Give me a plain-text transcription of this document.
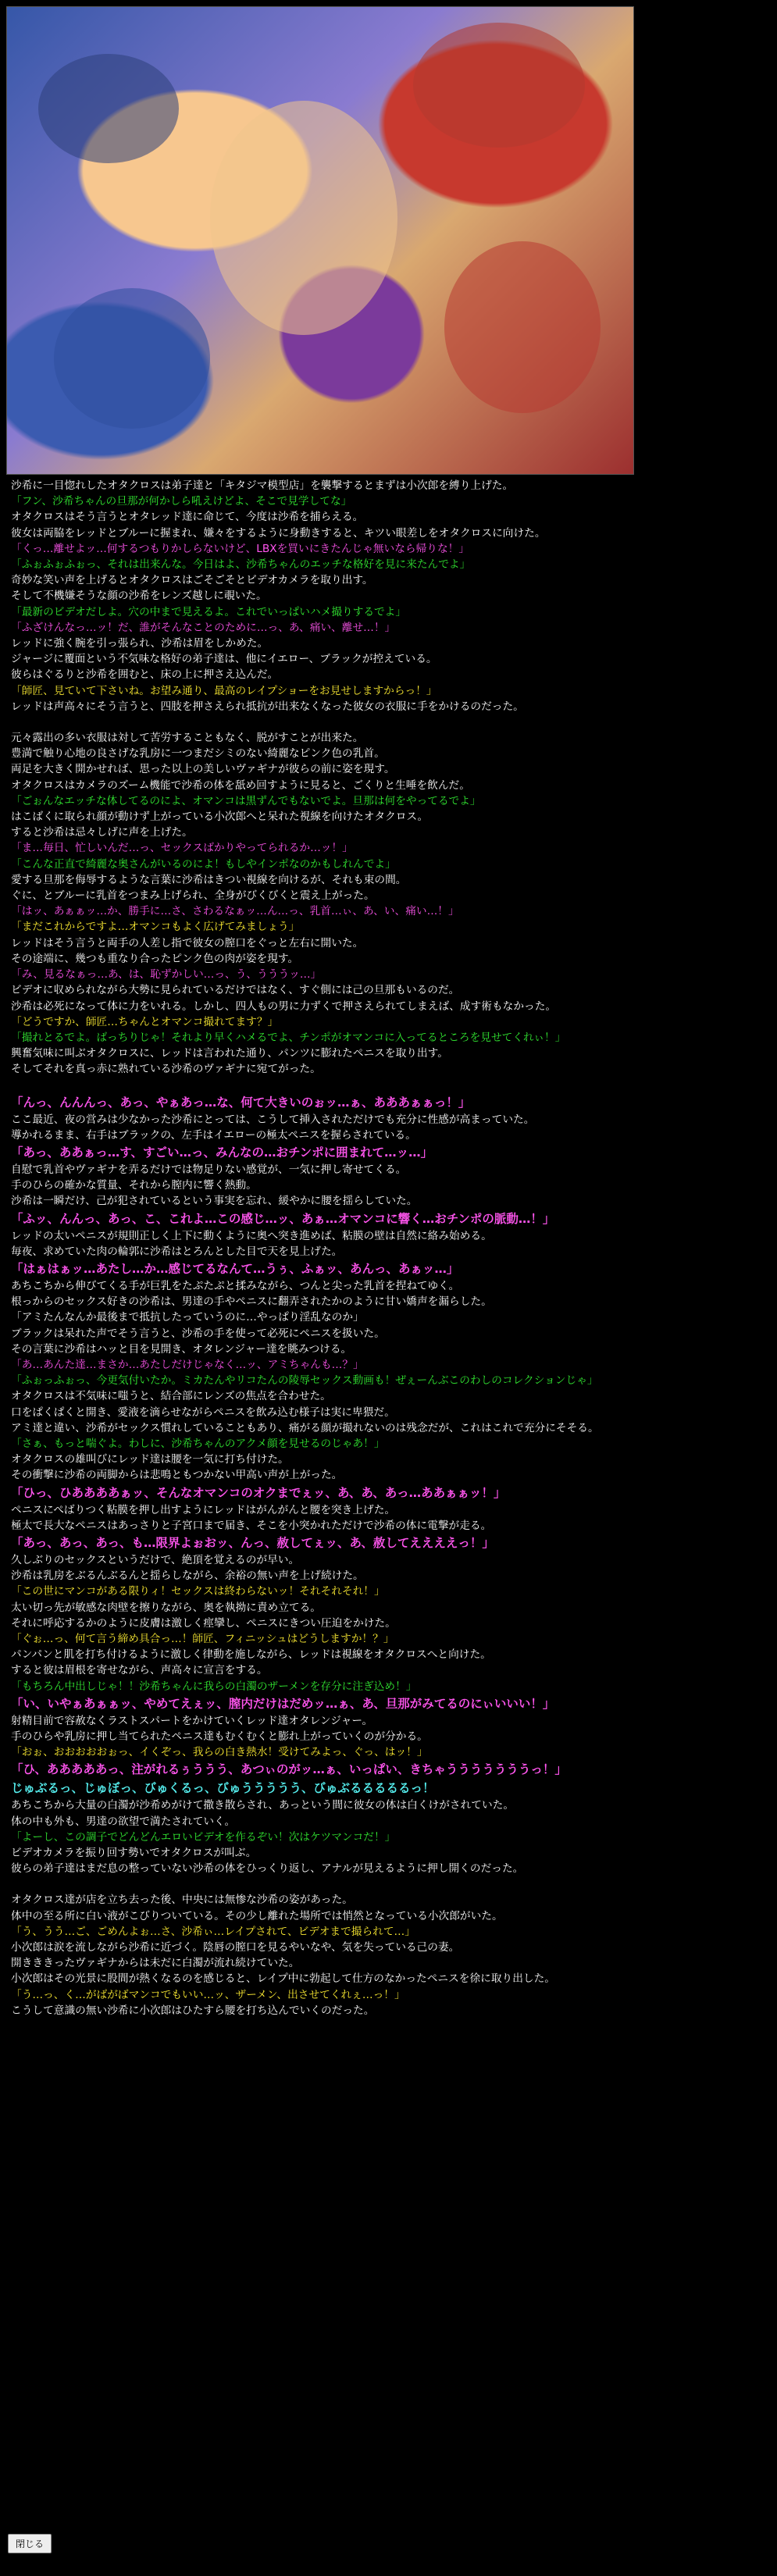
沙希に一目惚れしたオタクロスは弟子達と「キタジマ模型店」を襲撃するとまずは小次郎を縛り上げた。
「フン、沙希ちゃんの旦那が何かしら吼えけどよ、そこで見学してな」
オタクロスはそう言うとオタレッド達に命じて、今度は沙希を捕らえる。
彼女は両脇をレッドとブルーに握まれ、嫌々をするように身動きすると、キツい眼差しをオタクロスに向けた。
「くっ…離せよッ…何するつもりかしらないけど、LBXを買いにきたんじゃ無いなら帰りな！」
「ふぉふぉふぉっ、それは出来んな。今日はよ、沙希ちゃんのエッチな格好を見に来たんでよ」
奇妙な笑い声を上げるとオタクロスはごそごそとビデオカメラを取り出す。
そして不機嫌そうな顔の沙希をレンズ越しに覗いた。
「最新のビデオだしよ。穴の中まで見えるよ。これでいっぱいハメ撮りするでよ」
「ふざけんなっ…ッ！だ、誰がそんなことのために…っ、あ、痛い、離せ…！」
レッドに強く腕を引っ張られ、沙希は眉をしかめた。
ジャージに覆面という不気味な格好の弟子達は、他にイエロー、ブラックが控えている。
彼らはぐるりと沙希を囲むと、床の上に押さえ込んだ。
「師匠、見ていて下さいね。お望み通り、最高のレイプショーをお見せしますからっ！」
レッドは声高々にそう言うと、四肢を押さえられ抵抗が出来なくなった彼女の衣服に手をかけるのだった。
元々露出の多い衣服は対して苦労することもなく、脱がすことが出来た。
豊満で触り心地の良さげな乳房に一つまだシミのない綺麗なピンク色の乳首。
両足を大きく開かせれば、思った以上の美しいヴァギナが彼らの前に姿を現す。
オタクロスはカメラのズーム機能で沙希の体を舐め回すように見ると、ごくりと生唾を飲んだ。
「ごぉんなエッチな体してるのによ、オマンコは黒ずんでもないでよ。旦那は何をやってるでよ」
はこばくに取られ顔が動けず上がっている小次郎へと呆れた視線を向けたオタクロス。
すると沙希は忌々しげに声を上げた。
「ま…毎日、忙しいんだ…っ、セックスばかりやってられるか…ッ！」
「こんな正直で綺麗な奥さんがいるのによ！もしやインポなのかもしれんでよ」
愛する旦那を侮辱するような言葉に沙希はきつい視線を向けるが、それも束の間。
ぐに、とブルーに乳首をつまみ上げられ、全身がびくびくと震え上がった。
「はッ、あぁぁッ…か、勝手に…さ、さわるなぁッ…ん…っ、乳首…ぃ、あ、い、痛い…！」
「まだこれからですよ…オマンコもよく広げてみましょう」
レッドはそう言うと両手の人差し指で彼女の膣口をぐっと左右に開いた。
その途端に、幾つも重なり合ったピンク色の肉が姿を現す。
「み、見るなぁっ…あ、は、恥ずかしい…っ、う、うううッ…」
ビデオに収められながら大勢に見られているだけではなく、すぐ側には己の旦那もいるのだ。
沙希は必死になって体に力をいれる。しかし、四人もの男に力ずくで押さえられてしまえば、成す術もなかった。
「どうですか、師匠…ちゃんとオマンコ撮れてます？」
「撮れとるでよ。ばっちりじゃ！それより早くハメるでよ、チンポがオマンコに入ってるところを見せてくれぃ！」
興奮気味に叫ぶオタクロスに、レッドは言われた通り、パンツに膨れたペニスを取り出す。
そしてそれを真っ赤に熟れている沙希のヴァギナに宛てがった。
「んっ、んんんっ、あっ、やぁあっ…な、何て大きいのぉッ…ぁ、あああぁぁっ！」
ここ最近、夜の営みは少なかった沙希にとっては、こうして挿入されただけでも充分に性感が高まっていた。
導かれるまま、右手はブラックの、左手はイエローの極太ペニスを握らされている。
「あっ、ああぁっ…す、すごい…っ、みんなの…おチンポに囲まれて…ッ…」
自慰で乳首やヴァギナを弄るだけでは物足りない感覚が、一気に押し寄せてくる。
手のひらの確かな質量、それから膣内に響く熱動。
沙希は一瞬だけ、己が犯されているという事実を忘れ、緩やかに腰を揺らしていた。
「ふッ、んんっ、あっ、こ、これよ…この感じ…ッ、あぁ…オマンコに響く…おチンポの脈動…！」
レッドの太いペニスが規則正しく上下に動くように奥へ突き進めば、粘膜の壁は自然に絡み始める。
毎夜、求めていた肉の輪郭に沙希はとろんとした目で天を見上げた。
「はぁはぁッ…あたし…か…感じてるなんて…うぅ、ふぁッ、あんっ、あぁッ…」
あちこちから伸びてくる手が巨乳をたぷたぷと揉みながら、つんと尖った乳首を捏ねてゆく。
根っからのセックス好きの沙希は、男達の手やペニスに翻弄されたかのように甘い嬌声を漏らした。
「アミたんなんか最後まで抵抗したっていうのに…やっぱり淫乱なのか」
ブラックは呆れた声でそう言うと、沙希の手を使って必死にペニスを扱いた。
その言葉に沙希はハッと目を見開き、オタレンジャー達を眺みつける。
「あ…あんた達…まさか…あたしだけじゃなく…ッ、アミちゃんも…？」
「ふぉっふぉっ、今更気付いたか。ミカたんやリコたんの陵辱セックス動画も！ぜぇーんぶこのわしのコレクションじゃ」
オタクロスは不気味に嗤うと、結合部にレンズの焦点を合わせた。
口をぱくぱくと開き、愛液を滴らせながらペニスを飲み込む様子は実に卑猥だ。
アミ達と違い、沙希がセックス慣れしていることもあり、痛がる顔が撮れないのは残念だが、これはこれで充分にそそる。
「さぁ、もっと喘ぐよ。わしに、沙希ちゃんのアクメ顔を見せるのじゃあ！」
オタクロスの雄叫びにレッド達は腰を一気に打ち付けた。
その衝撃に沙希の両脚からは悲鳴ともつかない甲高い声が上がった。
「ひっ、ひああああぁッ、そんなオマンコのオクまでぇッ、あ、あ、あっ…ああぁぁッ！」
ペニスにぺばりつく粘膜を押し出すようにレッドはがんがんと腰を突き上げた。
極太で長大なペニスはあっさりと子宮口まで届き、そこを小突かれただけで沙希の体に電撃が走る。
「あっ、あっ、あっ、も…限界よぉおッ、んっ、赦してぇッ、あ、赦してええええっ！」
久しぶりのセックスというだけで、絶頂を覚えるのが早い。
沙希は乳房をぶるんぶるんと揺らしながら、余裕の無い声を上げ続けた。
「この世にマンコがある限りィ！セックスは終わらないッ！それそれそれ！」
太い切っ先が敏感な肉壁を擦りながら、奥を執拗に責め立てる。
それに呼応するかのように皮膚は激しく痙攣し、ペニスにきつい圧迫をかけた。
「ぐぉ…っ、何て言う締め具合っ…！師匠、フィニッシュはどうしますか！？」
パンパンと肌を打ち付けるように激しく律動を施しながら、レッドは視線をオタクロスへと向けた。
すると彼は眉根を寄せながら、声高々に宣言をする。
「もちろん中出しじゃ！！沙希ちゃんに我らの白濁のザーメンを存分に注ぎ込め！」
「い、いやぁあぁぁッ、やめてえぇッ、膣内だけはだめッ…ぁ、あ、旦那がみてるのにぃいいい！」
射精目前で容赦なくラストスパートをかけていくレッド達オタレンジャー。
手のひらや乳房に押し当てられたペニス達もむくむくと膨れ上がっていくのが分かる。
「おぉ、おおおおおぉっ、イくぞっ、我らの白き熱水！受けてみよっ、ぐっ、はッ！」
「ひ、あああああっ、注がれるぅううう、あつぃのがッ…ぁ、いっぱい、きちゃうううううううっ！」
じゅぶるっ、じゅぼっ、びゅくるっ、びゅううううう、びゅぶるるるるるっ！
あちこちから大量の白濁が沙希めがけて撒き散らされ、あっという間に彼女の体は白くけがされていた。
体の中も外も、男達の欲望で満たされていく。
「よーし、この調子でどんどんエロいビデオを作るぞい！次はケツマンコだ！」
ビデオカメラを振り回す勢いでオタクロスが叫ぶ。
彼らの弟子達はまだ息の整っていない沙希の体をひっくり返し、アナルが見えるように押し開くのだった。
オタクロス達が店を立ち去った後、中央には無惨な沙希の姿があった。
体中の至る所に白い液がこびりついている。その少し離れた場所では悄然となっている小次郎がいた。
「う、うう…ご、ごめんよぉ…さ、沙希ぃ…レイプされて、ビデオまで撮られて…」
小次郎は涙を流しながら沙希に近づく。陰唇の膣口を見るやいなや、気を失っている己の妻。
開きききったヴァギナからは未だに白濁が流れ続けていた。
小次郎はその光景に股間が熱くなるのを感じると、レイプ中に勃起して仕方のなかったペニスを徐に取り出した。
「う…っ、く…がばがばマンコでもいい…ッ、ザーメン、出させてくれぇ…っ！」
こうして意識の無い沙希に小次郎はひたすら腰を打ち込んでいくのだった。
閉じる
